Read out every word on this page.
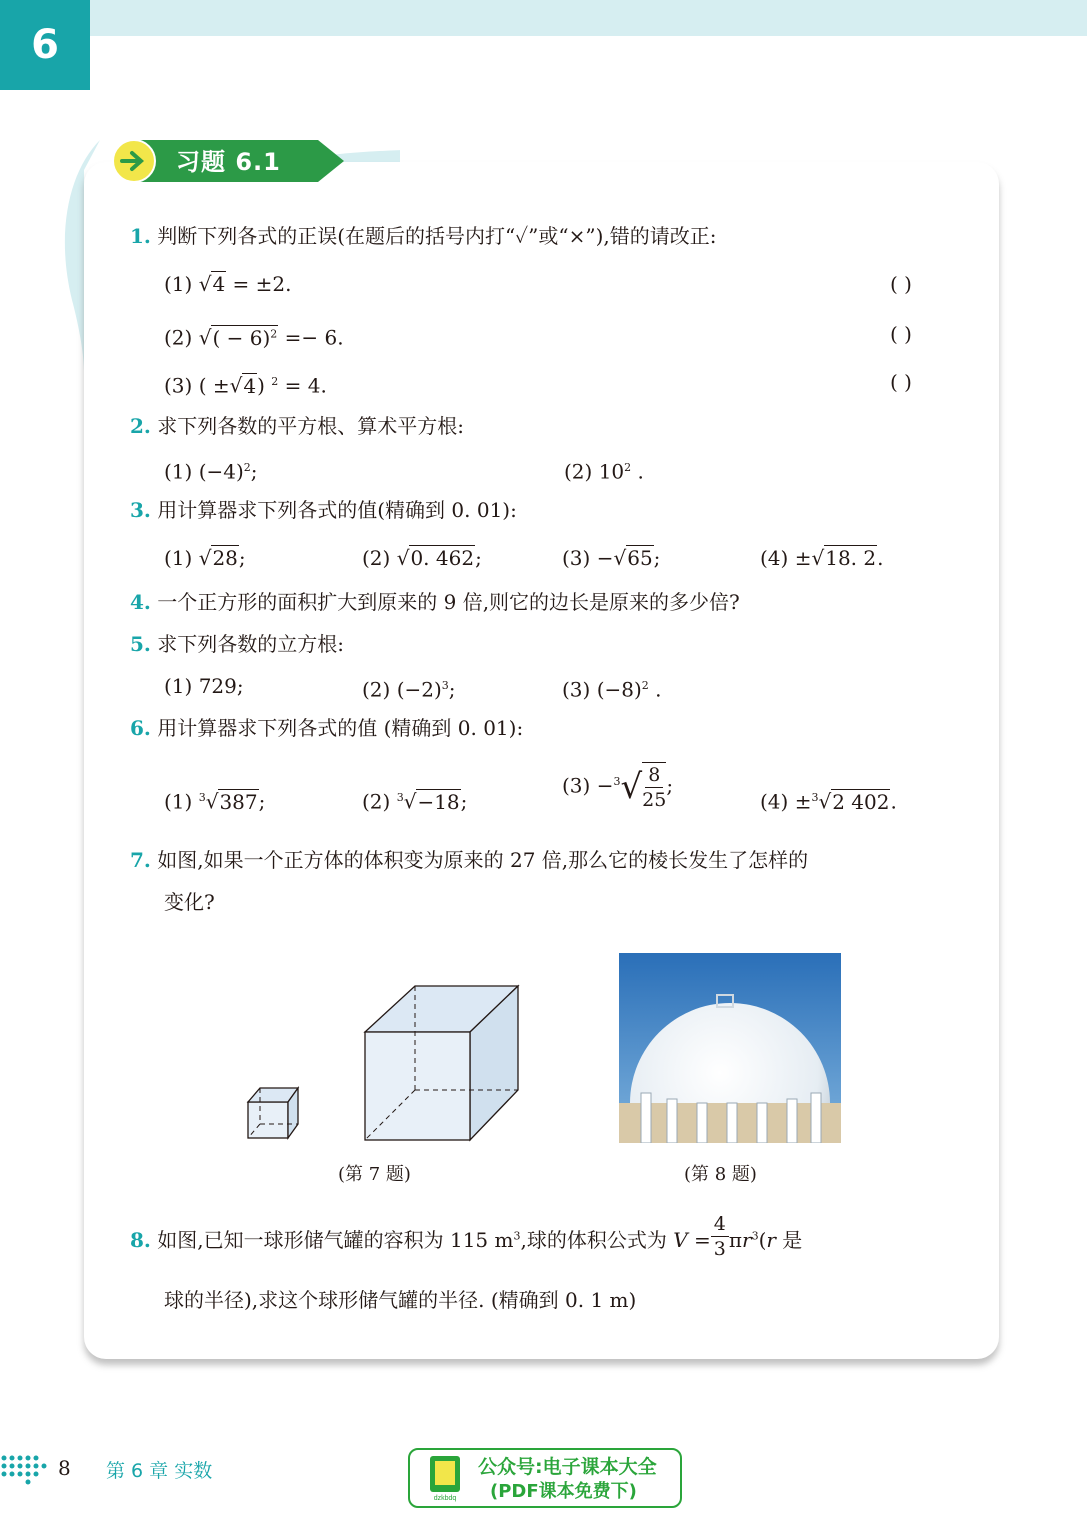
6
习题 6.1
1. 判断下列各式的正误(在题后的括号内打“✓”或“×”),错的请改正:
(1) √4 = ±2.	( )
(2) √( − 6)$^2$ =− 6.	( )
(3) ( ±√4) $^2$ = 4.	( )
2. 求下列各数的平方根、算术平方根:
(1) $(-4)^2$;	(2) $10^2$ .
3. 用计算器求下列各式的值(精确到 0. 01):
(1) √28;	(2) √0. 462;	(3) −√65;	(4) ±√18. 2.
4. 一个正方形的面积扩大到原来的 9 倍,则它的边长是原来的多少倍?
5. 求下列各数的立方根:
(1) 729;	(2) $(-2)^3$;	(3) $(-8)^2$ .
6. 用计算器求下列各式的值 (精确到 0. 01):
(1) $^3$√387;	(2) $^3$√−18;
$(3) -^3√ \frac{8}{25}$ ;
(4) ±$^3$√2 402.
7. 如图,如果一个正方体的体积变为原来的 27 倍,那么它的棱长发生了怎样的
变化?
(第 7 题)	(第 8 题)
8. 如图,已知一球形储气罐的容积为 115 $m^3$,球的体积公式为 $V = \frac{4}{3} \pi r^3(r$ 是
球的半径),求这个球形储气罐的半径. (精确到 0. 1 m)
8 第 6 章 实数
dzkbdq
公众号:电子课本大全
(PDF课本免费下)
